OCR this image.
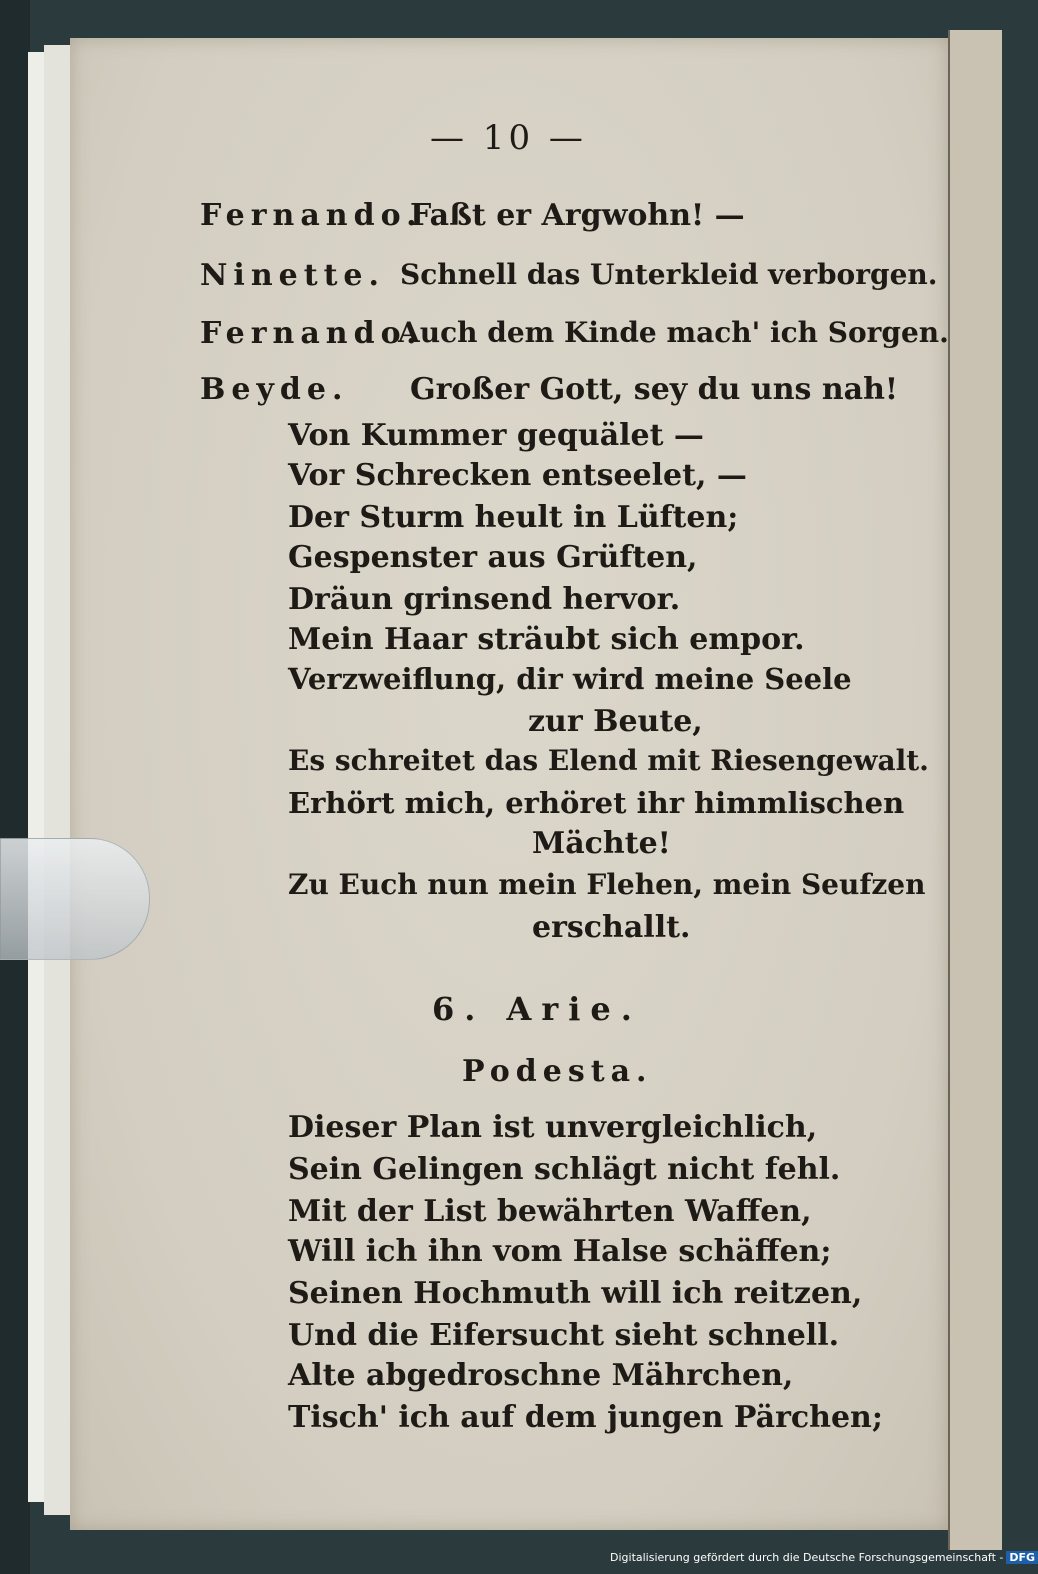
— 10 —
Fernando.
Faßt er Argwohn! —
Ninette. Schnell das Unterkleid verborgen.
Fernando.
Auch dem Kinde mach' ich Sorgen.
Beyde. Großer Gott, sey du uns nah!
Von Kummer gequälet —
Vor Schrecken entseelet, —
Der Sturm heult in Lüften;
Gespenster aus Grüften,
Dräun grinsend hervor.
Mein Haar sträubt sich empor.
Verzweiflung, dir wird meine Seele
zur Beute,
Es schreitet das Elend mit Riesengewalt.
Erhört mich, erhöret ihr himmlischen
Mächte!
Zu Euch nun mein Flehen, mein Seufzen
erschallt.
6. Arie.
Podesta.
Dieser Plan ist unvergleichlich,
Sein Gelingen schlägt nicht fehl.
Mit der List bewährten Waffen,
Will ich ihn vom Halse schäffen;
Seinen Hochmuth will ich reitzen,
Und die Eifersucht sieht schnell.
Alte abgedroschne Mährchen,
Tisch' ich auf dem jungen Pärchen;
Digitalisierung gefördert durch die Deutsche Forschungsgemeinschaft - DFG
